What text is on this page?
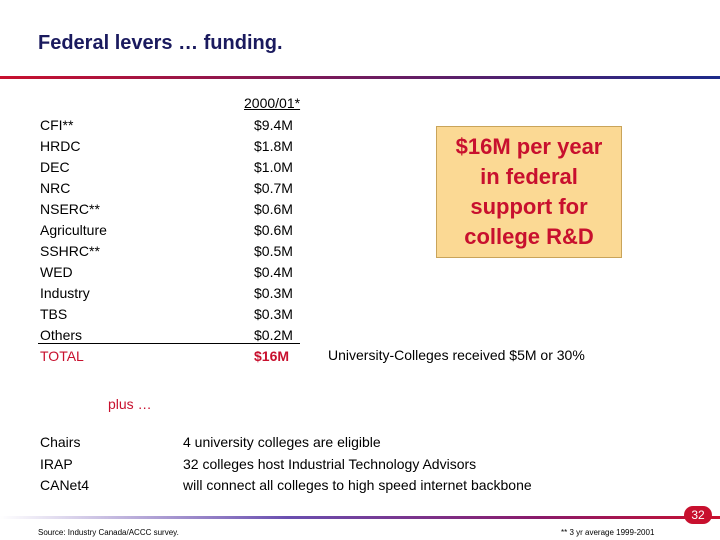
Federal levers … funding.
2000/01*
CFI**
HRDC
DEC
NRC
NSERC**
Agriculture
SSHRC**
WED
Industry
TBS
Others
TOTAL
$9.4M
$1.8M
$1.0M
$0.7M
$0.6M
$0.6M
$0.5M
$0.4M
$0.3M
$0.3M
$0.2M
$16M
$16M per year in federal support for college R&D
University-Colleges received $5M or 30%
plus …
Chairs
IRAP
CANet4
4 university colleges are eligible
32 colleges host Industrial Technology Advisors
will connect all colleges to high speed internet backbone
32
Source: Industry Canada/ACCC survey.	** 3 yr average 1999-2001
